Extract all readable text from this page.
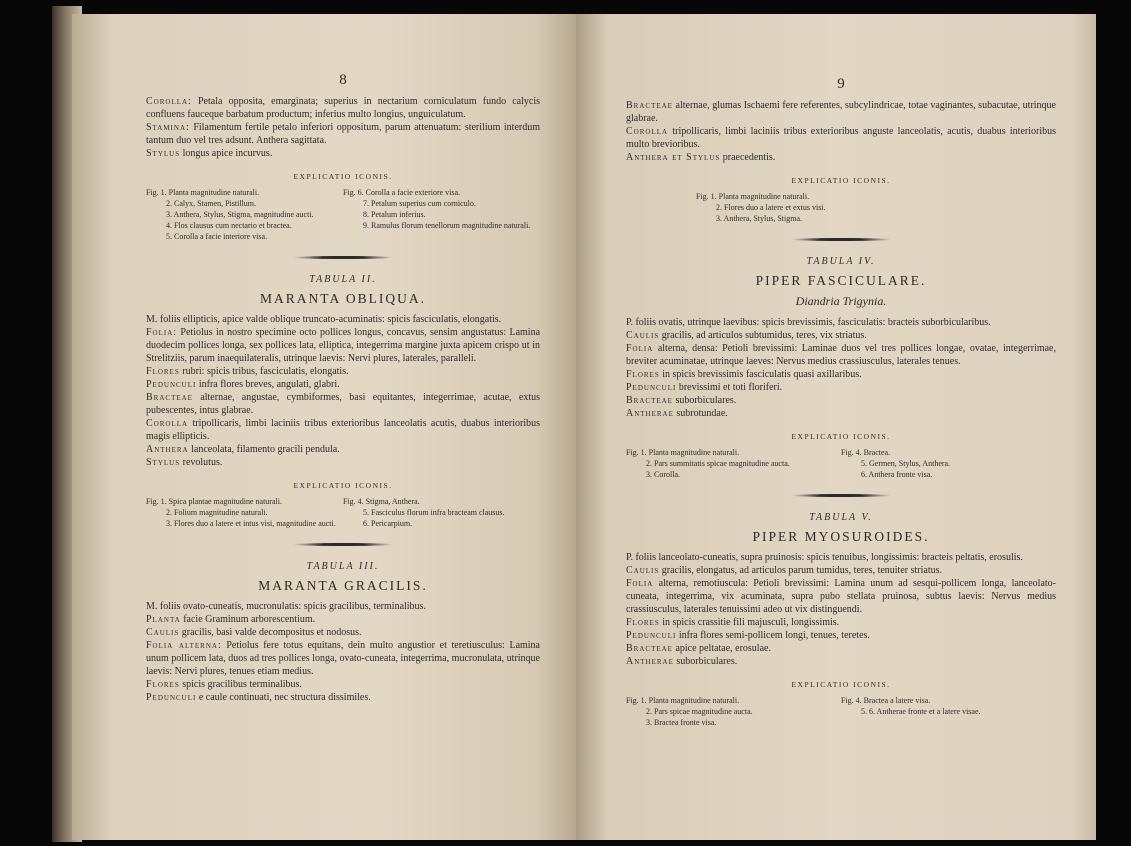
8

Corolla: Petala opposita, emarginata; superius in nectarium corniculatum fundo calycis confluens fauceque barbatum productum; inferius multo longius, unguiculatum.

Stamina: Filamentum fertile petalo inferiori oppositum, parum attenuatum: sterilium interdum tantum duo vel tres adsunt. Anthera sagittata.

Stylus longus apice incurvus.

EXPLICATIO ICONIS.
Fig. 1. Planta magnitudine naturali.
2. Calyx, Stamen, Pistillum.
3. Anthera, Stylus, Stigma, magnitudine aucti.
4. Flos clausus cum nectario et bractea.
5. Corolla a facie interiore visa.
Fig. 6. Corolla a facie exteriore visa.
7. Petalum superius cum corniculo.
8. Petalum inferius.
9. Ramulus florum tenellorum magnitudine naturali.
TABULA II.
MARANTA OBLIQUA.

M. foliis ellipticis, apice valde oblique truncato-acuminatis: spicis fasciculatis, elongatis.

Folia: Petiolus in nostro specimine octo pollices longus, concavus, sensim angustatus: Lamina duodecim pollices longa, sex pollices lata, elliptica, integerrima margine juxta apicem crispo ut in Strelitziis, parum inaequilateralis, utrinque laevis: Nervi plures, laterales, paralleli.

Flores rubri: spicis tribus, fasciculatis, elongatis.

Pedunculi infra flores breves, angulati, glabri.

Bracteae alternae, angustae, cymbiformes, basi equitantes, integerrimae, acutae, extus pubescentes, intus glabrae.

Corolla tripollicaris, limbi laciniis tribus exterioribus lanceolatis acutis, duabus interioribus magis ellipticis.

Anthera lanceolata, filamento gracili pendula.

Stylus revolutus.

EXPLICATIO ICONIS.
Fig. 1. Spica plantae magnitudine naturali.
2. Folium magnitudine naturali.
3. Flores duo a latere et intus visi, magnitudine aucti.
Fig. 4. Stigma, Anthera.
5. Fasciculus florum infra bracteam clausus.
6. Pericarpium.
TABULA III.
MARANTA GRACILIS.

M. foliis ovato-cuneatis, mucronulatis: spicis gracilibus, terminalibus.

Planta facie Graminum arborescentium.

Caulis gracilis, basi valde decompositus et nodosus.

Folia alterna: Petiolus fere totus equitans, dein multo angustior et teretiusculus: Lamina unum pollicem lata, duos ad tres pollices longa, ovato-cuneata, integerrima, mucronulata, utrinque laevis: Nervi plures, tenues etiam medius.

Flores spicis gracilibus terminalibus.

Pedunculi e caule continuati, nec structura dissimiles.

9

Bracteae alternae, glumas Ischaemi fere referentes, subcylindricae, totae vaginantes, subacutae, utrinque glabrae.

Corolla tripollicaris, limbi laciniis tribus exterioribus anguste lanceolatis, acutis, duabus interioribus multo brevioribus.

Anthera et Stylus praecedentis.

EXPLICATIO ICONIS.
Fig. 1. Planta magnitudine naturali.
2. Flores duo a latere et extus visi.
3. Anthera, Stylus, Stigma.
TABULA IV.
PIPER FASCICULARE.
Diandria Trigynia.

P. foliis ovatis, utrinque laevibus: spicis brevissimis, fasciculatis: bracteis suborbicularibus.

Caulis gracilis, ad articulos subtumidus, teres, vix striatus.

Folia alterna, densa: Petioli brevissimi: Laminae duos vel tres pollices longae, ovatae, integerrimae, breviter acuminatae, utrinque laeves: Nervus medius crassiusculus, laterales tenues.

Flores in spicis brevissimis fasciculatis quasi axillaribus.

Pedunculi brevissimi et toti floriferi.

Bracteae suborbiculares.

Antherae subrotundae.

EXPLICATIO ICONIS.
Fig. 1. Planta magnitudine naturali.
2. Pars summitatis spicae magnitudine aucta.
3. Corolla.
Fig. 4. Bractea.
5. Germen, Stylus, Anthera.
6. Anthera fronte visa.
TABULA V.
PIPER MYOSUROIDES.

P. foliis lanceolato-cuneatis, supra pruinosis: spicis tenuibus, longissimis: bracteis peltatis, erosulis.

Caulis gracilis, elongatus, ad articulos parum tumidus, teres, tenuiter striatus.

Folia alterna, remotiuscula: Petioli brevissimi: Lamina unum ad sesqui-pollicem longa, lanceolato-cuneata, integerrima, vix acuminata, supra pubo stellata pruinosa, subtus laevis: Nervus medius crassiusculus, laterales tenuissimi adeo ut vix distinguendi.

Flores in spicis crassitie fili majusculi, longissimis.

Pedunculi infra flores semi-pollicem longi, tenues, teretes.

Bracteae apice peltatae, erosulae.

Antherae suborbiculares.

EXPLICATIO ICONIS.
Fig. 1. Planta magnitudine naturali.
2. Pars spicae magnitudine aucta.
3. Bractea fronte visa.
Fig. 4. Bractea a latere visa.
5. 6. Antherae fronte et a latere visae.
